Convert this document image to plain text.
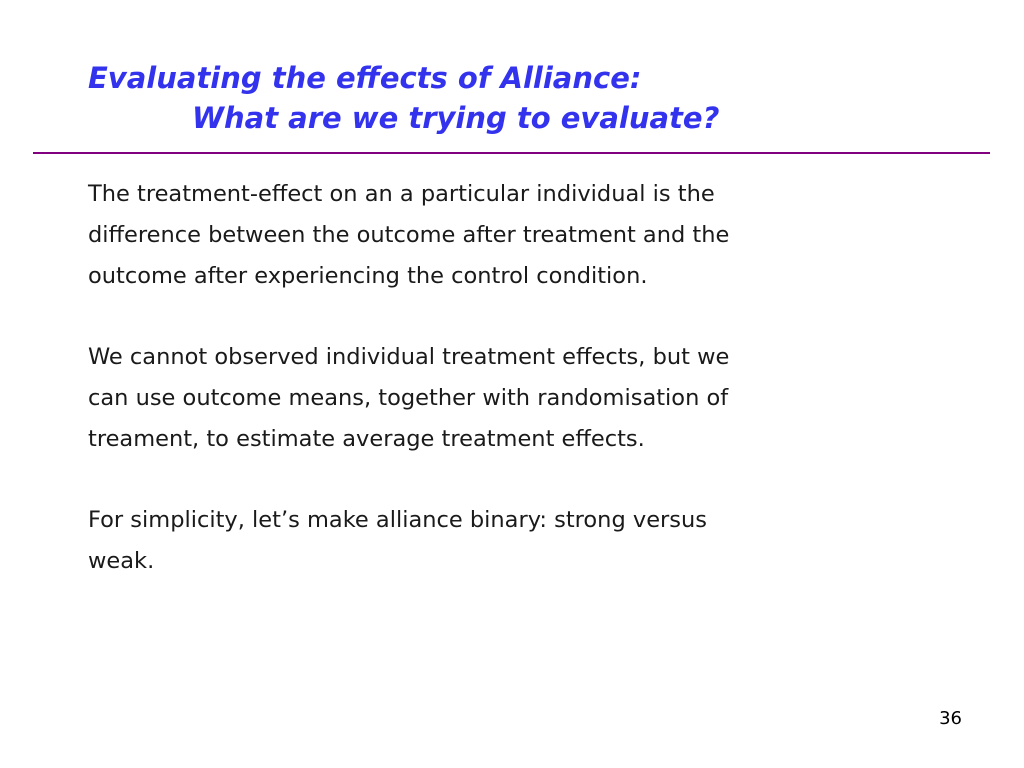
Evaluating the effects of Alliance:
What are we trying to evaluate?

The treatment-effect on an a particular individual is the
difference between the outcome after treatment and the
outcome after experiencing the control condition.

We cannot observed individual treatment effects, but we
can use outcome means, together with randomisation of
treament, to estimate average treatment effects.

For simplicity, let’s make alliance binary: strong versus
weak.

36
